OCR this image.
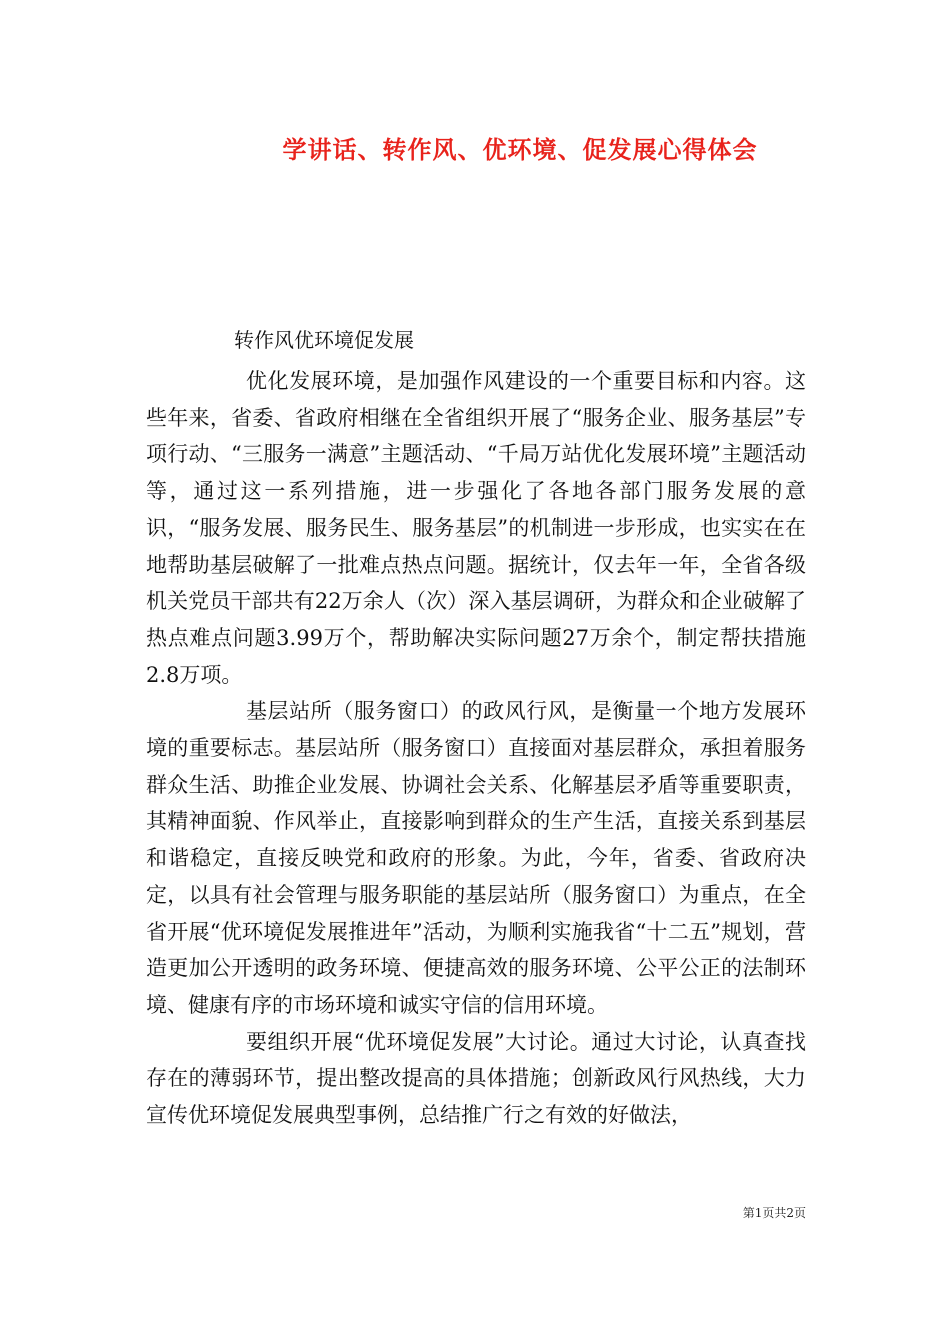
学讲话、转作风、优环境、促发展心得体会
转作风优环境促发展

优化发展环境，是加强作风建设的一个重要目标和内容。这些年来，省委、省政府相继在全省组织开展了“服务企业、服务基层”专项行动、“三服务一满意”主题活动、“千局万站优化发展环境”主题活动等，通过这一系列措施，进一步强化了各地各部门服务发展的意识，“服务发展、服务民生、服务基层”的机制进一步形成，也实实在在地帮助基层破解了一批难点热点问题。据统计，仅去年一年，全省各级机关党员干部共有22万余人（次）深入基层调研，为群众和企业破解了热点难点问题3.99万个，帮助解决实际问题27万余个，制定帮扶措施2.8万项。

基层站所（服务窗口）的政风行风，是衡量一个地方发展环境的重要标志。基层站所（服务窗口）直接面对基层群众，承担着服务群众生活、助推企业发展、协调社会关系、化解基层矛盾等重要职责，其精神面貌、作风举止，直接影响到群众的生产生活，直接关系到基层和谐稳定，直接反映党和政府的形象。为此，今年，省委、省政府决定，以具有社会管理与服务职能的基层站所（服务窗口）为重点，在全省开展“优环境促发展推进年”活动，为顺利实施我省“十二五”规划，营造更加公开透明的政务环境、便捷高效的服务环境、公平公正的法制环境、健康有序的市场环境和诚实守信的信用环境。

要组织开展“优环境促发展”大讨论。通过大讨论，认真查找存在的薄弱环节，提出整改提高的具体措施；创新政风行风热线，大力宣传优环境促发展典型事例，总结推广行之有效的好做法，

第1页共2页
